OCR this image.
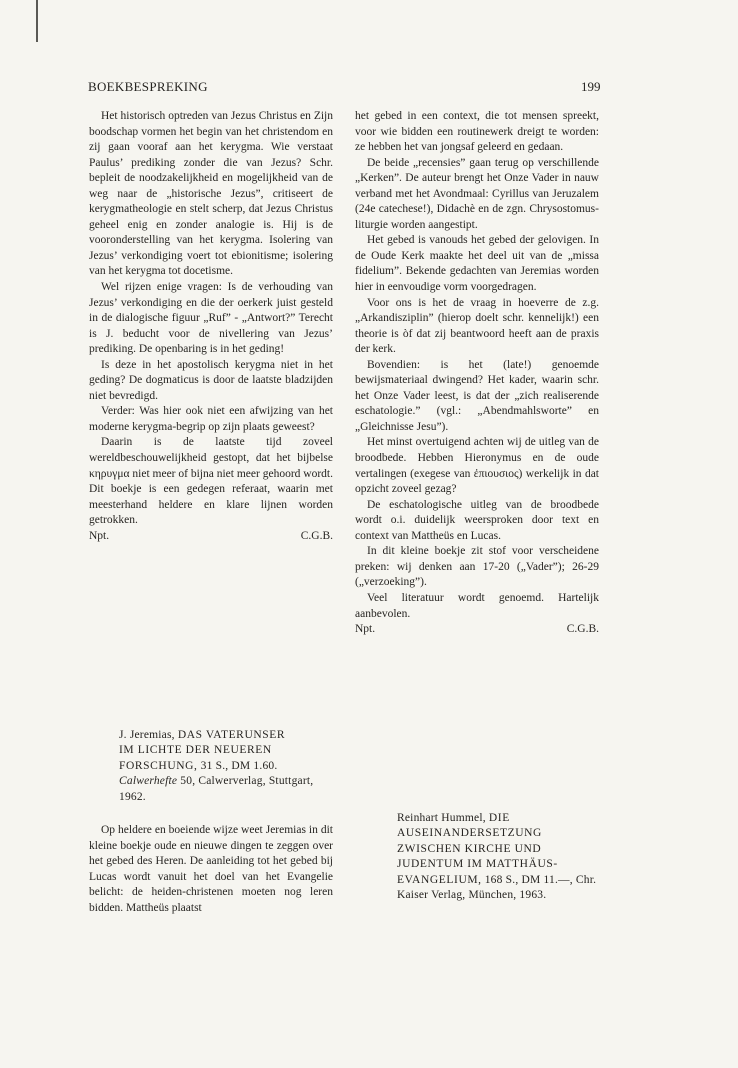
BOEKBESPREKING	199

Het historisch optreden van Jezus Christus en Zijn boodschap vormen het begin van het christendom en zij gaan vooraf aan het kerygma. Wie verstaat Paulus’ prediking zonder die van Jezus? Schr. bepleit de noodzakelijkheid en mogelijkheid van de weg naar de „historische Jezus”, critiseert de kerygmatheologie en stelt scherp, dat Jezus Christus geheel enig en zonder analogie is. Hij is de vooronderstelling van het kerygma. Isolering van Jezus’ verkondiging voert tot ebionitisme; isolering van het kerygma tot docetisme.

Wel rijzen enige vragen: Is de verhouding van Jezus’ verkondiging en die der oerkerk juist gesteld in de dialogische figuur „Ruf” - „Antwort?” Terecht is J. beducht voor de nivellering van Jezus’ prediking. De openbaring is in het geding!

Is deze in het apostolisch kerygma niet in het geding? De dogmaticus is door de laatste bladzijden niet bevredigd.

Verder: Was hier ook niet een afwijzing van het moderne kerygma-begrip op zijn plaats geweest?

Daarin is de laatste tijd zoveel wereldbeschouwelijkheid gestopt, dat het bijbelse κηρυγμα niet meer of bijna niet meer gehoord wordt. Dit boekje is een gedegen referaat, waarin met meesterhand heldere en klare lijnen worden getrokken.

Npt.	C.G.B.
J. Jeremias, DAS VATERUNSER
IM LICHTE DER NEUEREN
FORSCHUNG, 31 S., DM 1.60.
Calwerhefte 50, Calwerverlag, Stuttgart, 1962.

Op heldere en boeiende wijze weet Jeremias in dit kleine boekje oude en nieuwe dingen te zeggen over het gebed des Heren. De aanleiding tot het gebed bij Lucas wordt vanuit het doel van het Evangelie belicht: de heiden-christenen moeten nog leren bidden. Mattheüs plaatst

het gebed in een context, die tot mensen spreekt, voor wie bidden een routinewerk dreigt te worden: ze hebben het van jongsaf geleerd en gedaan.

De beide „recensies” gaan terug op verschillende „Kerken”. De auteur brengt het Onze Vader in nauw verband met het Avondmaal: Cyrillus van Jeruzalem (24e catechese!), Didachè en de zgn. Chrysostomus-liturgie worden aangestipt.

Het gebed is vanouds het gebed der gelovigen. In de Oude Kerk maakte het deel uit van de „missa fidelium”. Bekende gedachten van Jeremias worden hier in eenvoudige vorm voorgedragen.

Voor ons is het de vraag in hoeverre de z.g. „Arkandisziplin” (hierop doelt schr. kennelijk!) een theorie is òf dat zij beantwoord heeft aan de praxis der kerk.

Bovendien: is het (late!) genoemde bewijsmateriaal dwingend? Het kader, waarin schr. het Onze Vader leest, is dat der „zich realiserende eschatologie.” (vgl.: „Abendmahlsworte” en „Gleichnisse Jesu”).

Het minst overtuigend achten wij de uitleg van de broodbede. Hebben Hieronymus en de oude vertalingen (exegese van ἐπιουσιος) werkelijk in dat opzicht zoveel gezag?

De eschatologische uitleg van de broodbede wordt o.i. duidelijk weersproken door text en context van Mattheüs en Lucas.

In dit kleine boekje zit stof voor verscheidene preken: wij denken aan 17-20 („Vader”); 26-29 („verzoeking”).

Veel literatuur wordt genoemd. Hartelijk aanbevolen.

Npt.	C.G.B.
Reinhart Hummel, DIE AUSEINANDERSETZUNG ZWISCHEN KIRCHE UND JUDENTUM IM MATTHÄUS-EVANGELIUM, 168 S., DM 11.—, Chr. Kaiser Verlag, München, 1963.
